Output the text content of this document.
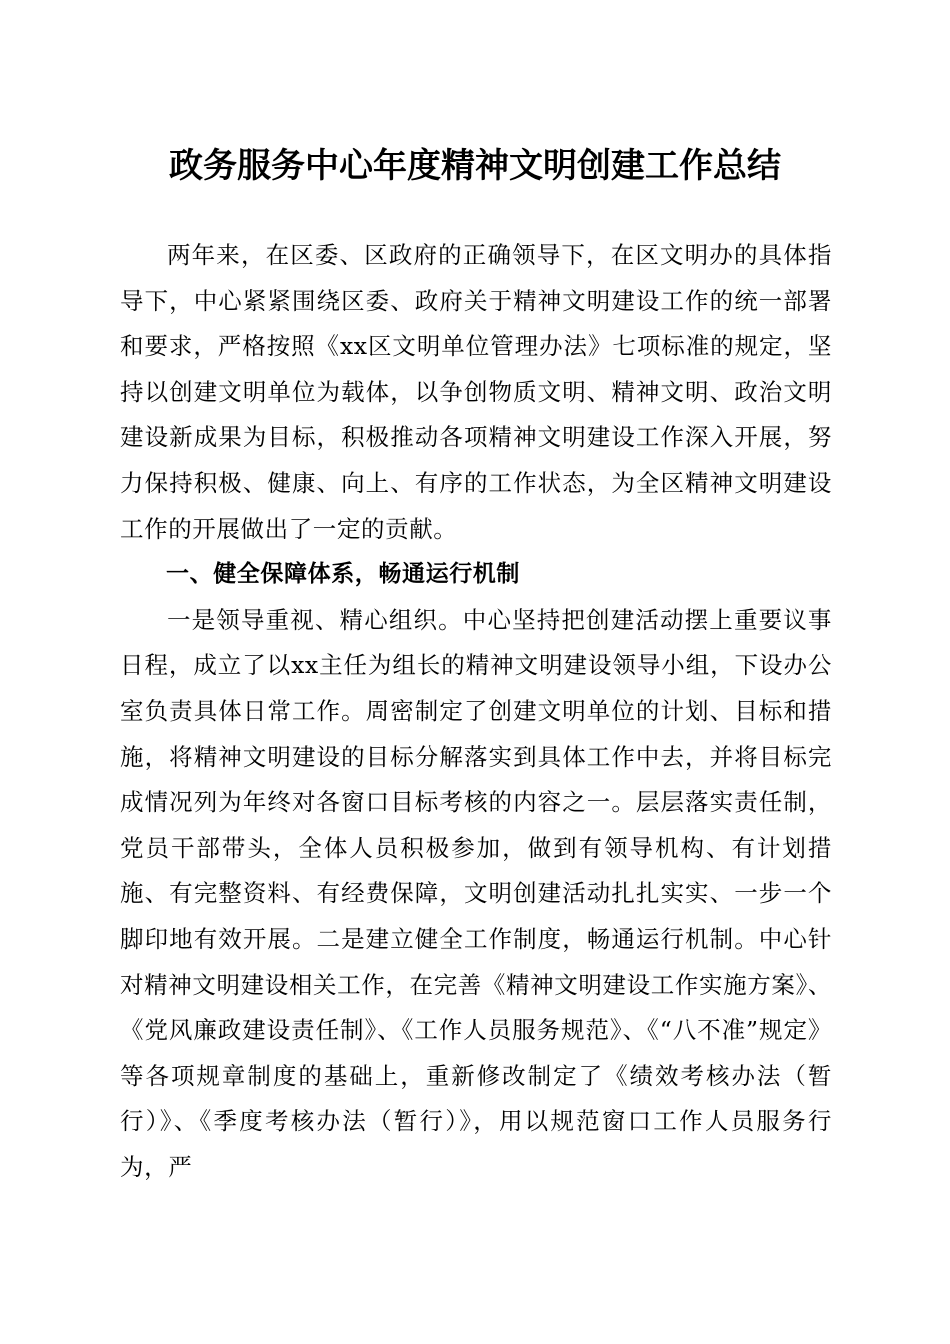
政务服务中心年度精神文明创建工作总结

两年来，在区委、区政府的正确领导下，在区文明办的具体指导下，中心紧紧围绕区委、政府关于精神文明建设工作的统一部署和要求，严格按照《xx区文明单位管理办法》七项标准的规定，坚持以创建文明单位为载体，以争创物质文明、精神文明、政治文明建设新成果为目标，积极推动各项精神文明建设工作深入开展，努力保持积极、健康、向上、有序的工作状态，为全区精神文明建设工作的开展做出了一定的贡献。

一、健全保障体系，畅通运行机制

一是领导重视、精心组织。中心坚持把创建活动摆上重要议事日程，成立了以xx主任为组长的精神文明建设领导小组，下设办公室负责具体日常工作。周密制定了创建文明单位的计划、目标和措施，将精神文明建设的目标分解落实到具体工作中去，并将目标完成情况列为年终对各窗口目标考核的内容之一。层层落实责任制，党员干部带头，全体人员积极参加，做到有领导机构、有计划措施、有完整资料、有经费保障，文明创建活动扎扎实实、一步一个脚印地有效开展。二是建立健全工作制度，畅通运行机制。中心针对精神文明建设相关工作，在完善《精神文明建设工作实施方案》、《党风廉政建设责任制》、《工作人员服务规范》、《“八不准”规定》等各项规章制度的基础上，重新修改制定了《绩效考核办法（暂行）》、《季度考核办法（暂行）》，用以规范窗口工作人员服务行为，严
